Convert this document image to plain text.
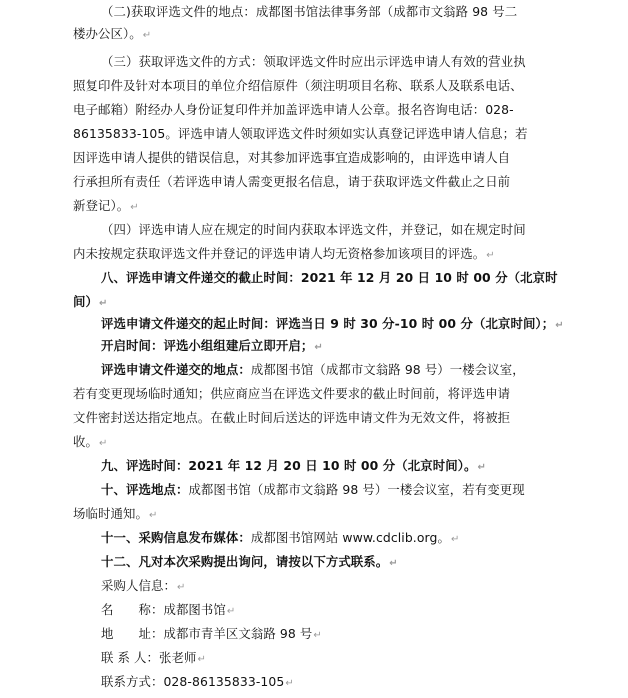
（二)获取评选文件的地点：成都图书馆法律事务部（成都市文翁路 98 号二
楼办公区）。↵
（三）获取评选文件的方式：领取评选文件时应出示评选申请人有效的营业执
照复印件及针对本项目的单位介绍信原件（须注明项目名称、联系人及联系电话、
电子邮箱）附经办人身份证复印件并加盖评选申请人公章。报名咨询电话：028-
86135833-105。评选申请人领取评选文件时须如实认真登记评选申请人信息；若
因评选申请人提供的错误信息，对其参加评选事宜造成影响的，由评选申请人自
行承担所有责任（若评选申请人需变更报名信息，请于获取评选文件截止之日前
新登记）。↵
（四）评选申请人应在规定的时间内获取本评选文件，并登记，如在规定时间
内未按规定获取评选文件并登记的评选申请人均无资格参加该项目的评选。↵
八、评选申请文件递交的截止时间：2021 年 12 月 20 日 10 时 00 分（北京时
间）↵
评选申请文件递交的起止时间：评选当日 9 时 30 分-10 时 00 分（北京时间）；↵
开启时间：评选小组组建后立即开启；↵
评选申请文件递交的地点：成都图书馆（成都市文翁路 98 号）一楼会议室，
若有变更现场临时通知；供应商应当在评选文件要求的截止时间前，将评选申请
文件密封送达指定地点。在截止时间后送达的评选申请文件为无效文件，将被拒
收。↵
九、评选时间：2021 年 12 月 20 日 10 时 00 分（北京时间）。↵
十、评选地点：成都图书馆（成都市文翁路 98 号）一楼会议室，若有变更现
场临时通知。↵
十一、采购信息发布媒体：成都图书馆网站 www.cdclib.org。↵
十二、凡对本次采购提出询问，请按以下方式联系。↵
采购人信息：↵
名　　称：成都图书馆↵
地　　址：成都市青羊区文翁路 98 号↵
联 系 人：张老师↵
联系方式：028-86135833-105↵
